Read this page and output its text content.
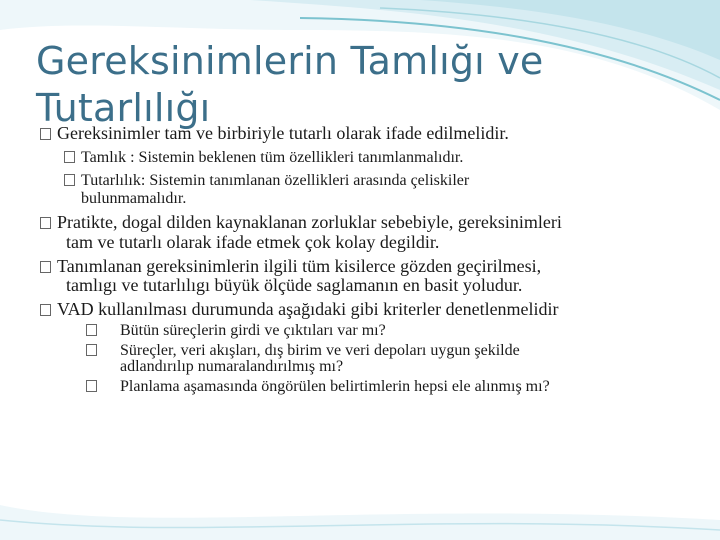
Gereksinimlerin Tamlığı ve Tutarlılığı
Gereksinimler tam ve birbiriyle tutarlı olarak ifade edilmelidir.
Tamlık : Sistemin beklenen tüm özellikleri tanımlanmalıdır.
Tutarlılık: Sistemin tanımlanan özellikleri arasında çeliskiler
bulunmamalıdır.
Pratikte, dogal dilden kaynaklanan zorluklar sebebiyle, gereksinimleri
tam ve tutarlı olarak ifade etmek çok kolay degildir.
Tanımlanan gereksinimlerin ilgili tüm kisilerce gözden geçirilmesi,
tamlıgı ve tutarlılıgı büyük ölçüde saglamanın en basit yoludur.
VAD kullanılması durumunda aşağıdaki gibi kriterler denetlenmelidir
Bütün süreçlerin girdi ve çıktıları var mı?
Süreçler, veri akışları, dış birim ve veri depoları uygun şekilde
adlandırılıp numaralandırılmış mı?
Planlama aşamasında öngörülen belirtimlerin hepsi ele alınmış mı?
